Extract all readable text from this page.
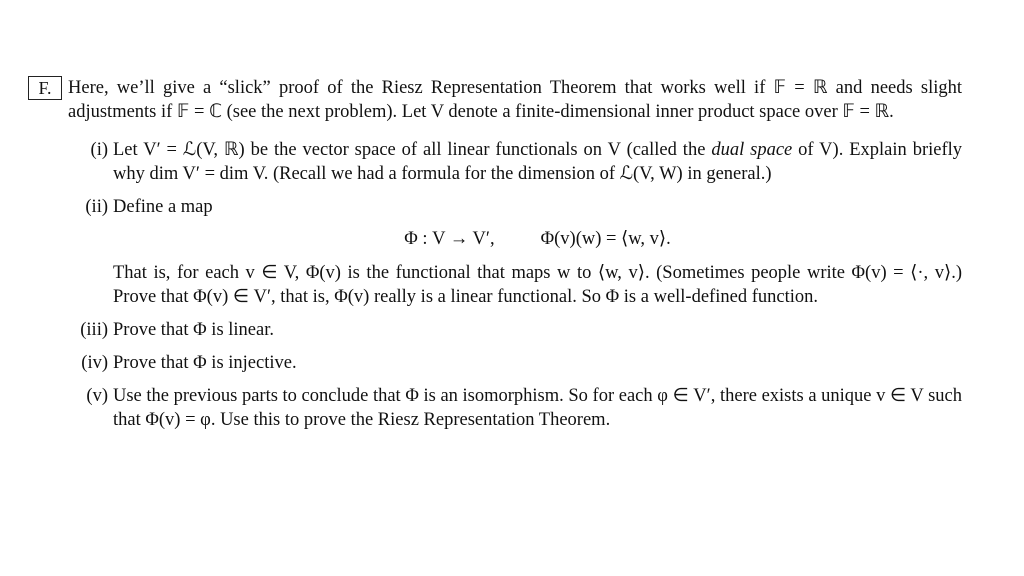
F. Here, we’ll give a “slick” proof of the Riesz Representation Theorem that works well if 𝔽 = ℝ and needs slight adjustments if 𝔽 = ℂ (see the next problem). Let V denote a finite-dimensional inner product space over 𝔽 = ℝ.

(i) Let V′ = ℒ(V, ℝ) be the vector space of all linear functionals on V (called the dual space of V). Explain briefly why dim V′ = dim V. (Recall we had a formula for the dimension of ℒ(V, W) in general.)

(ii) Define a map

Φ : V → V′, Φ(v)(w) = ⟨w, v⟩.

That is, for each v ∈ V, Φ(v) is the functional that maps w to ⟨w, v⟩. (Sometimes people write Φ(v) = ⟨·, v⟩.) Prove that Φ(v) ∈ V′, that is, Φ(v) really is a linear functional. So Φ is a well-defined function.

(iii) Prove that Φ is linear.

(iv) Prove that Φ is injective.

(v) Use the previous parts to conclude that Φ is an isomorphism. So for each φ ∈ V′, there exists a unique v ∈ V such that Φ(v) = φ. Use this to prove the Riesz Representation Theorem.
